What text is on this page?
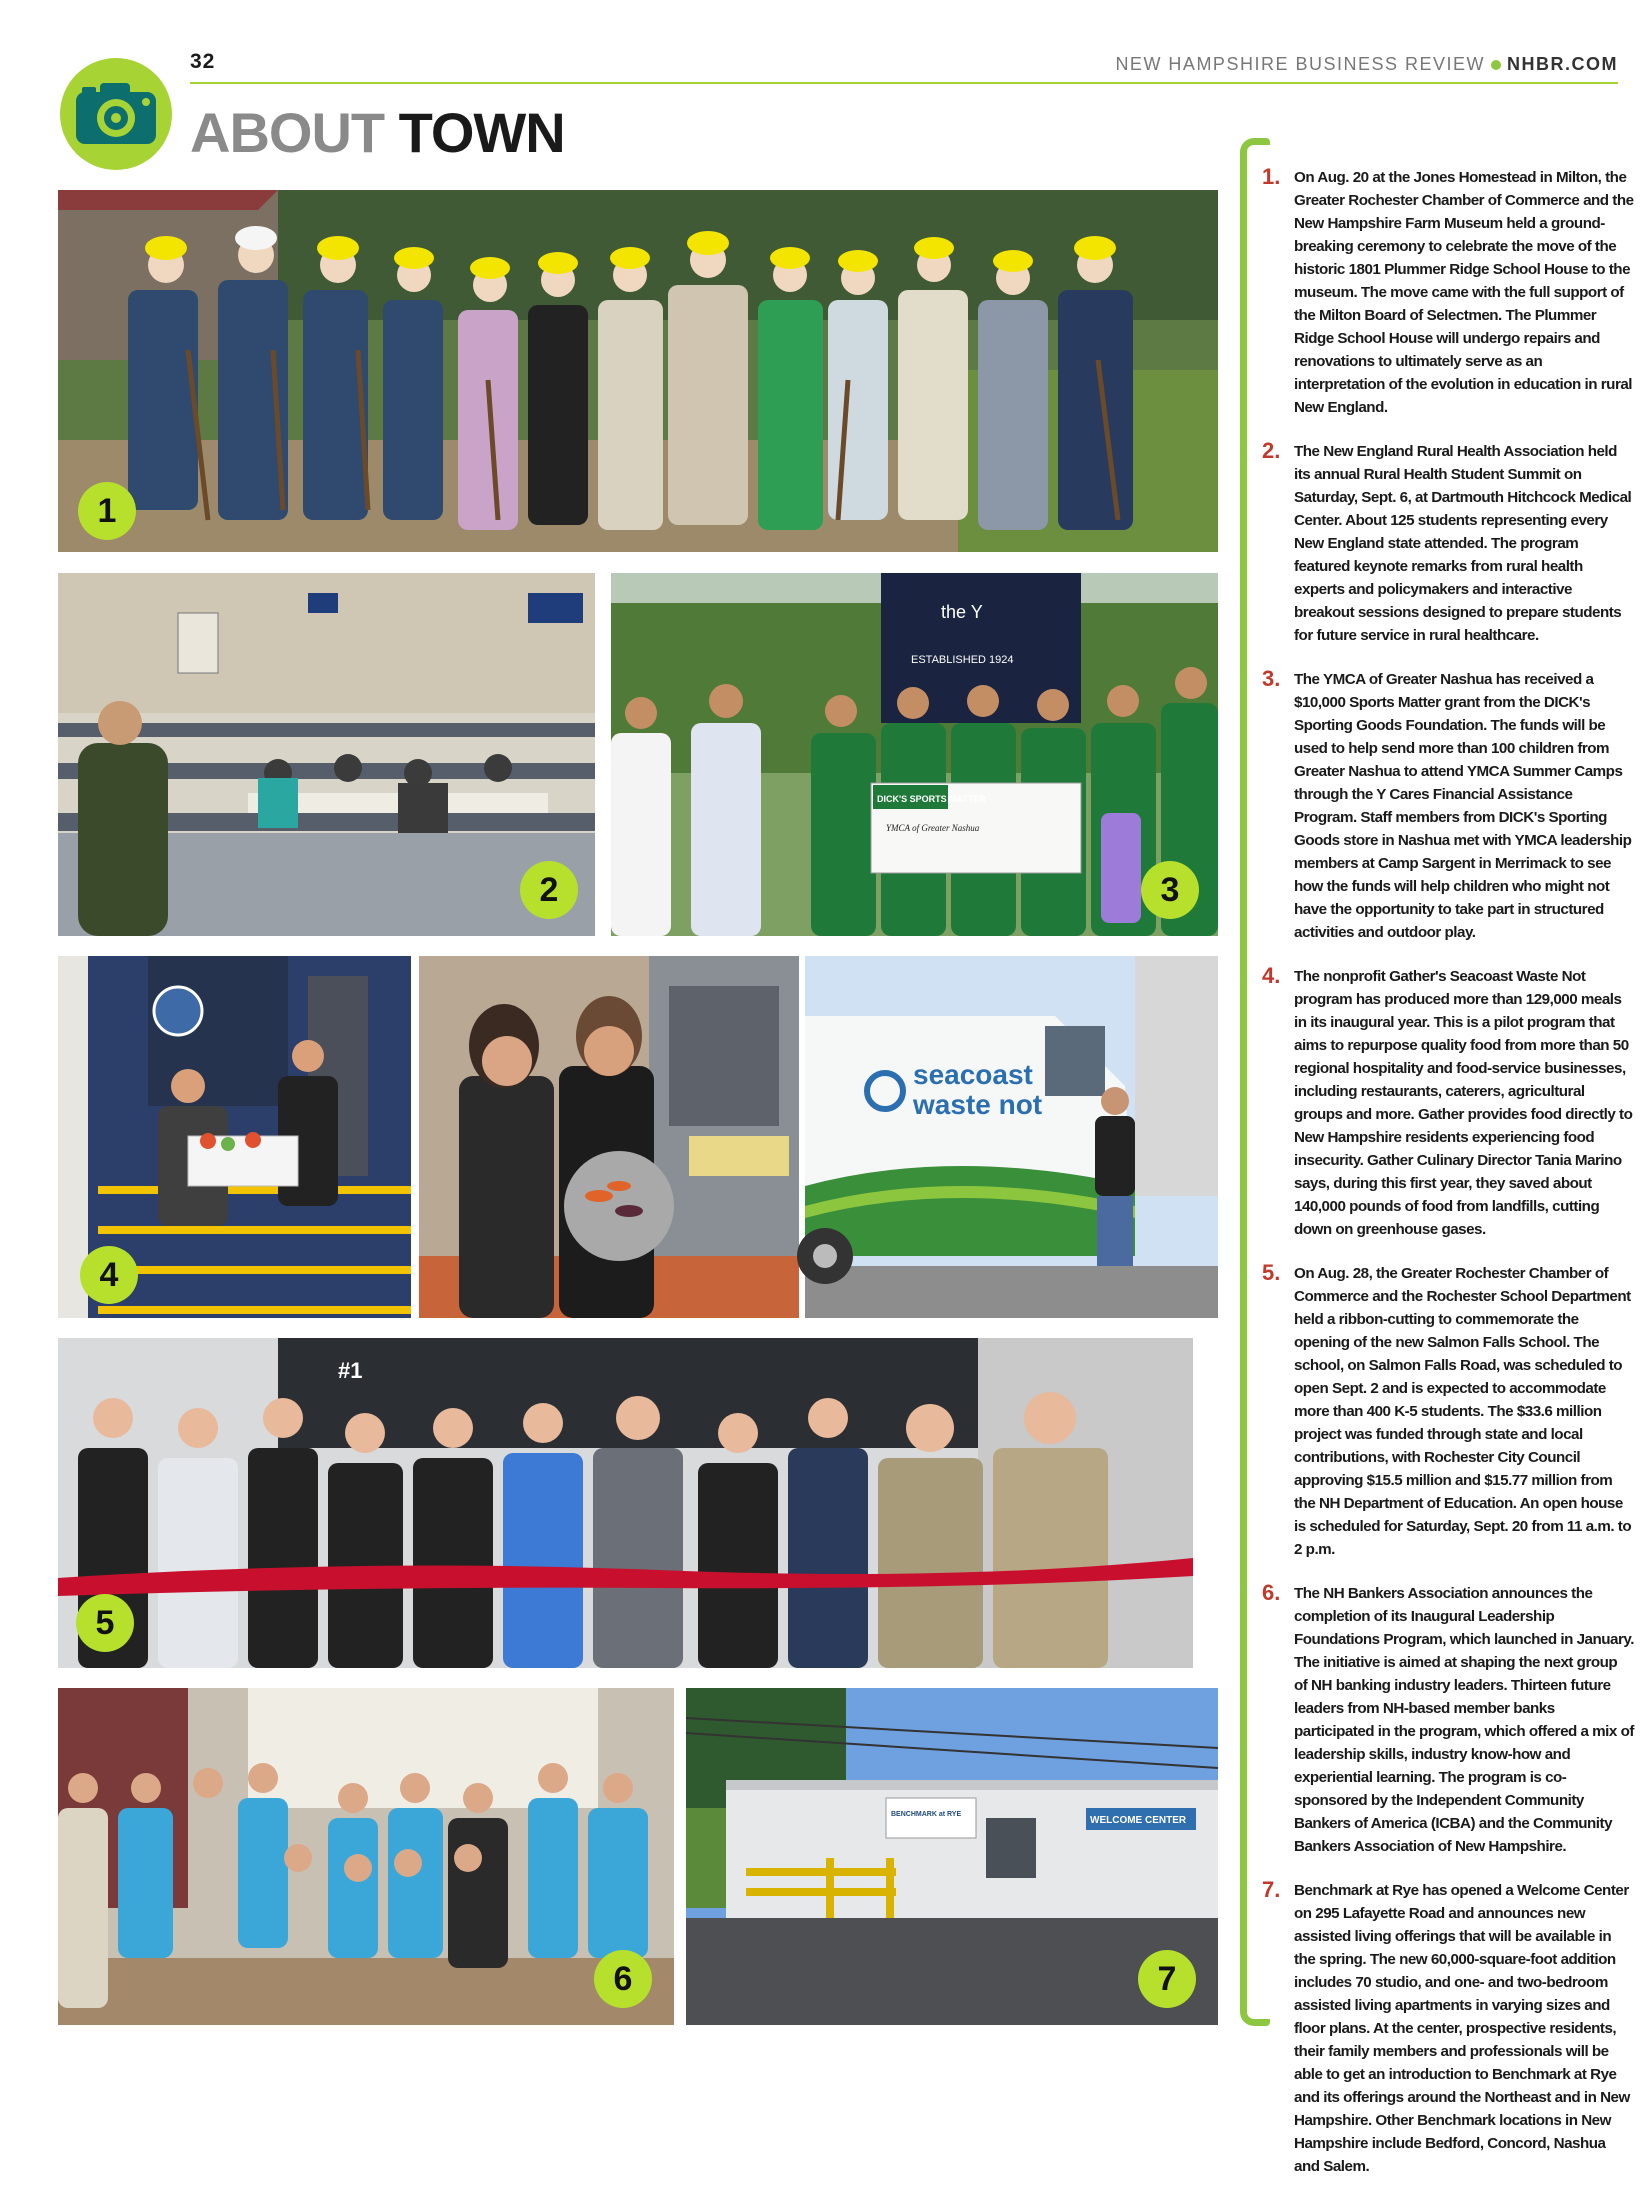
32	NEW HAMPSHIRE BUSINESS REVIEW NHBR.COM
ABOUT TOWN
1
2
the Y
ESTABLISHED 1924
DICK'S SPORTS MATTER
YMCA of Greater Nashua
3
4
seacoast
waste not
#1
5
6
BENCHMARK at RYE
WELCOME CENTER
7
1. On Aug. 20 at the Jones Homestead in Milton, the Greater Rochester Chamber of Commerce and the New Hampshire Farm Museum held a ground-breaking ceremony to celebrate the move of the historic 1801 Plummer Ridge School House to the museum. The move came with the full support of the Milton Board of Selectmen. The Plummer Ridge School House will undergo repairs and renovations to ultimately serve as an interpretation of the evolution in education in rural New England.

2. The New England Rural Health Association held its annual Rural Health Student Summit on Saturday, Sept. 6, at Dartmouth Hitchcock Medical Center. About 125 students representing every New England state attended. The program featured keynote remarks from rural health experts and policymakers and interactive breakout sessions designed to prepare students for future service in rural healthcare.

3. The YMCA of Greater Nashua has received a $10,000 Sports Matter grant from the DICK's Sporting Goods Foundation. The funds will be used to help send more than 100 children from Greater Nashua to attend YMCA Summer Camps through the Y Cares Financial Assistance Program. Staff members from DICK's Sporting Goods store in Nashua met with YMCA leadership members at Camp Sargent in Merrimack to see how the funds will help children who might not have the opportunity to take part in structured activities and outdoor play.

4. The nonprofit Gather's Seacoast Waste Not program has produced more than 129,000 meals in its inaugural year. This is a pilot program that aims to repurpose quality food from more than 50 regional hospitality and food-service businesses, including restaurants, caterers, agricultural groups and more. Gather provides food directly to New Hampshire residents experiencing food insecurity. Gather Culinary Director Tania Marino says, during this first year, they saved about 140,000 pounds of food from landfills, cutting down on greenhouse gases.

5. On Aug. 28, the Greater Rochester Chamber of Commerce and the Rochester School Department held a ribbon-cutting to commemorate the opening of the new Salmon Falls School. The school, on Salmon Falls Road, was scheduled to open Sept. 2 and is expected to accommodate more than 400 K-5 students. The $33.6 million project was funded through state and local contributions, with Rochester City Council approving $15.5 million and $15.77 million from the NH Department of Education. An open house is scheduled for Saturday, Sept. 20 from 11 a.m. to 2 p.m.

6. The NH Bankers Association announces the completion of its Inaugural Leadership Foundations Program, which launched in January. The initiative is aimed at shaping the next group of NH banking industry leaders. Thirteen future leaders from NH-based member banks participated in the program, which offered a mix of leadership skills, industry know-how and experiential learning. The program is co-sponsored by the Independent Community Bankers of America (ICBA) and the Community Bankers Association of New Hampshire.

7. Benchmark at Rye has opened a Welcome Center on 295 Lafayette Road and announces new assisted living offerings that will be available in the spring. The new 60,000-square-foot addition includes 70 studio, and one- and two-bedroom assisted living apartments in varying sizes and floor plans. At the center, prospective residents, their family members and professionals will be able to get an introduction to Benchmark at Rye and its offerings around the Northeast and in New Hampshire. Other Benchmark locations in New Hampshire include Bedford, Concord, Nashua and Salem.
